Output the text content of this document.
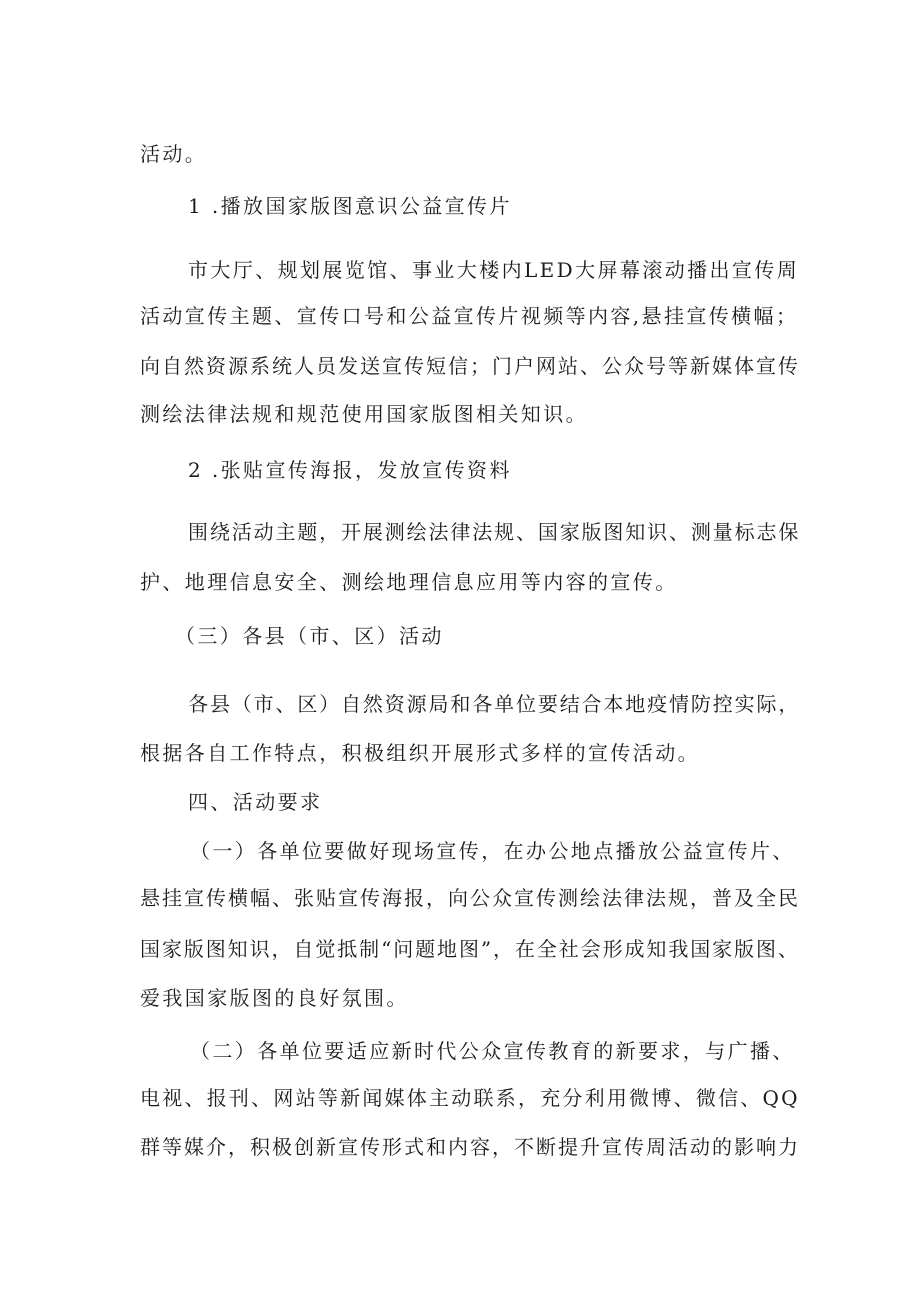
活动。
1 .播放国家版图意识公益宣传片
市大厅、规划展览馆、事业大楼内LED大屏幕滚动播出宣传周
活动宣传主题、宣传口号和公益宣传片视频等内容,悬挂宣传横幅；
向自然资源系统人员发送宣传短信；门户网站、公众号等新媒体宣传
测绘法律法规和规范使用国家版图相关知识。
2 .张贴宣传海报，发放宣传资料
围绕活动主题，开展测绘法律法规、国家版图知识、测量标志保
护、地理信息安全、测绘地理信息应用等内容的宣传。
（三）各县（市、区）活动
各县（市、区）自然资源局和各单位要结合本地疫情防控实际，
根据各自工作特点，积极组织开展形式多样的宣传活动。
四、活动要求
（一）各单位要做好现场宣传，在办公地点播放公益宣传片、
悬挂宣传横幅、张贴宣传海报，向公众宣传测绘法律法规，普及全民
国家版图知识，自觉抵制“问题地图”，在全社会形成知我国家版图、
爱我国家版图的良好氛围。
（二）各单位要适应新时代公众宣传教育的新要求，与广播、
电视、报刊、网站等新闻媒体主动联系，充分利用微博、微信、QQ
群等媒介，积极创新宣传形式和内容，不断提升宣传周活动的影响力
